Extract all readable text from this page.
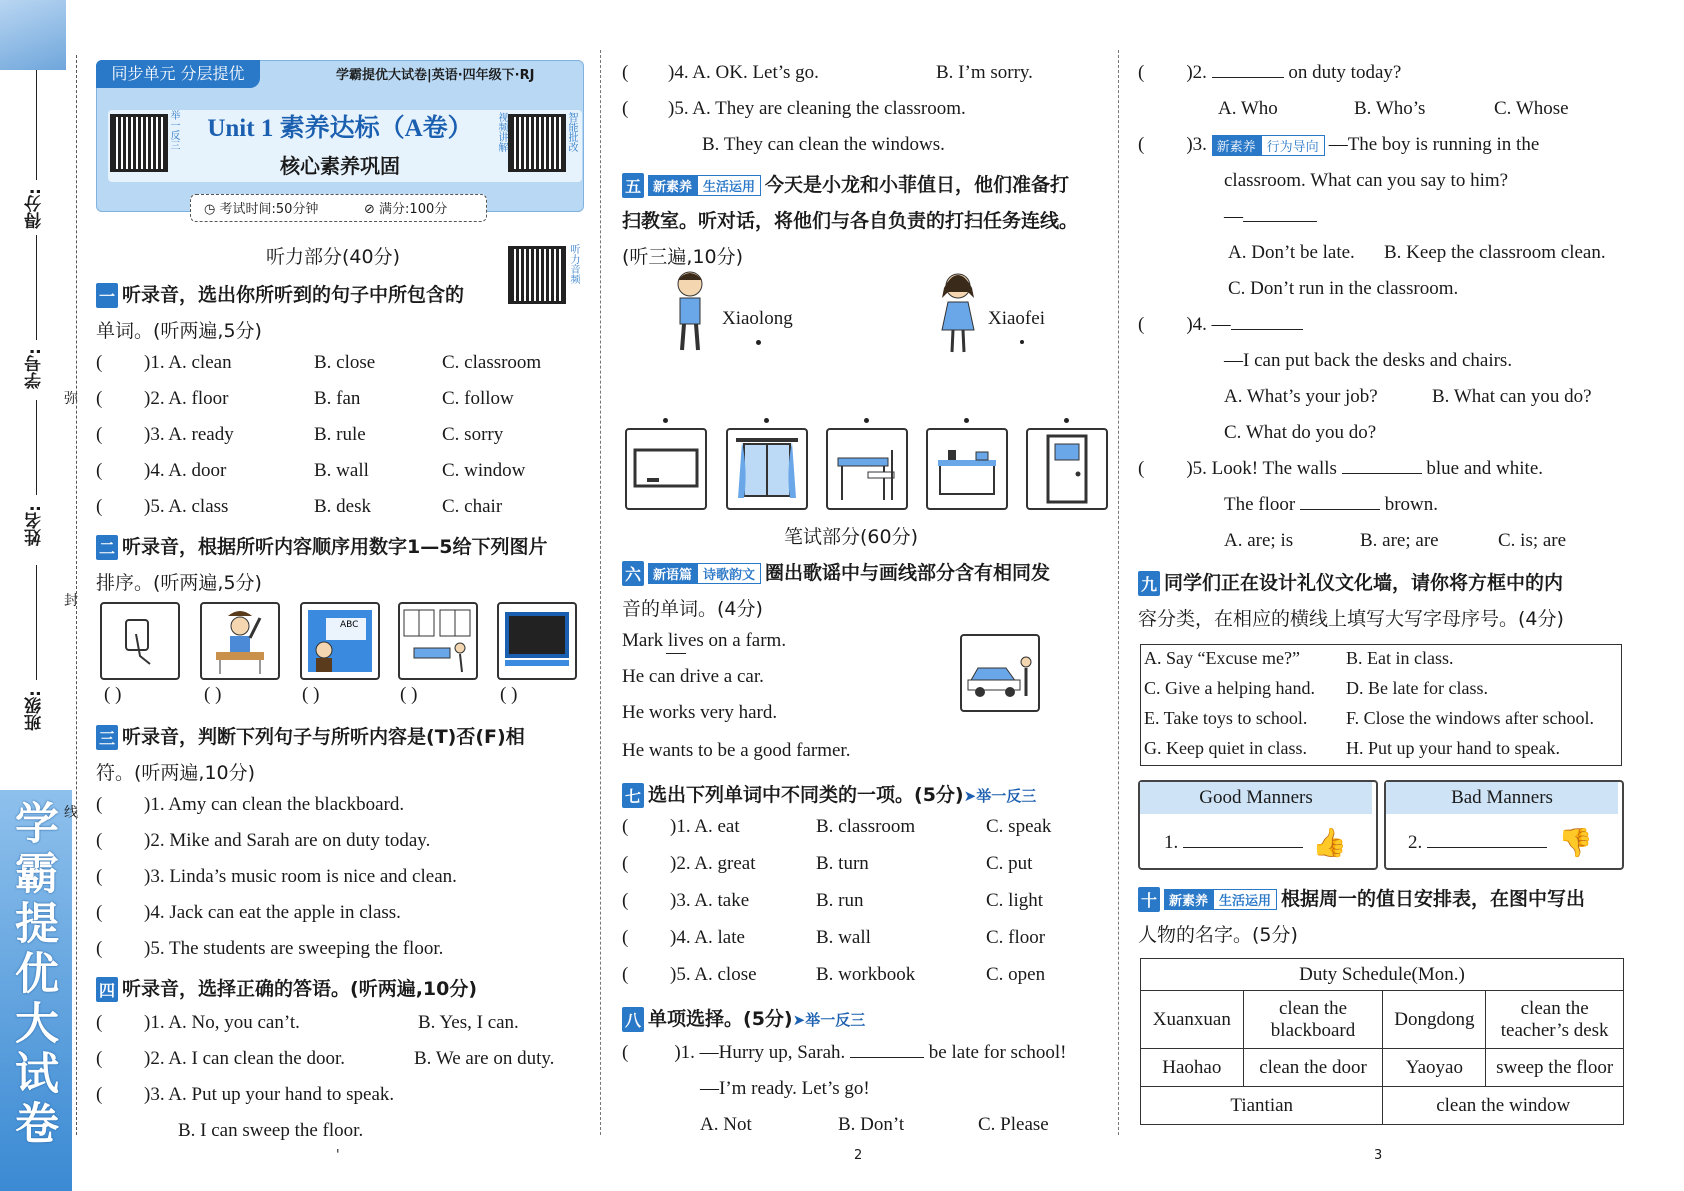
学霸提优大试卷
得分:
学号:
姓名:
班级:
弥
封
线
同步单元 分层提优	学霸提优大试卷|英语·四年级下·RJ
举一反三	智能批改
视频讲解
Unit 1 素养达标（A卷）
核心素养巩固
◷ 考试时间:50分钟	⊘ 满分:100分
听力部分(40分)	听力音频
一 听录音，选出你所听到的句子中所包含的
单词。(听两遍,5分)
( )1. A. clean	B. close	C. classroom
( )2. A. floor	B. fan	C. follow
( )3. A. ready	B. rule	C. sorry
( )4. A. door	B. wall	C. window
( )5. A. class	B. desk	C. chair
二 听录音，根据所听内容顺序用数字1—5给下列图片
排序。(听两遍,5分)
ABC
( )	( )	( )	( )	( )
三 听录音，判断下列句子与所听内容是(T)否(F)相
符。(听两遍,10分)
( )1. Amy can clean the blackboard.
( )2. Mike and Sarah are on duty today.
( )3. Linda’s music room is nice and clean.
( )4. Jack can eat the apple in class.
( )5. The students are sweeping the floor.
四 听录音，选择正确的答语。(听两遍,10分)
( )1. A. No, you can’t.	B. Yes, I can.
( )2. A. I can clean the door.	B. We are on duty.
( )3. A. Put up your hand to speak.
B. I can sweep the floor.
( )4. A. OK. Let’s go.	B. I’m sorry.
( )5. A. They are cleaning the classroom.
B. They can clean the windows.
五 新素养 生活运用 今天是小龙和小菲值日，他们准备打
扫教室。听对话，将他们与各自负责的打扫任务连线。
(听三遍,10分)
Xiaolong	Xiaofei
笔试部分(60分)
六 新语篇 诗歌韵文 圈出歌谣中与画线部分含有相同发
音的单词。(4分)
Mark lives on a farm.
He can drive a car.
He works very hard.
He wants to be a good farmer.
七 选出下列单词中不同类的一项。(5分)➤举一反三
( )1. A. eat	B. classroom	C. speak
( )2. A. great	B. turn	C. put
( )3. A. take	B. run	C. light
( )4. A. late	B. wall	C. floor
( )5. A. close	B. workbook	C. open
八 单项选择。(5分)➤举一反三
( )1. —Hurry up, Sarah.	be late for school!
—I’m ready. Let’s go!
A. Not	B. Don’t	C. Please
( )2.	on duty today?
A. Who	B. Who’s	C. Whose
( )3. 新素养 行为导向 —The boy is running in the
classroom. What can you say to him?
—
A. Don’t be late. B. Keep the classroom clean.
C. Don’t run in the classroom.
( )4. —
—I can put back the desks and chairs.
A. What’s your job?	B. What can you do?
C. What do you do?
( )5. Look! The walls	blue and white.
The floor	brown.
A. are; is	B. are; are	C. is; are
九 同学们正在设计礼仪文化墙，请你将方框中的内
容分类，在相应的横线上填写大写字母序号。(4分)
A. Say “Excuse me?”	B. Eat in class.
C. Give a helping hand. D. Be late for class.
E. Take toys to school. F. Close the windows after school.
G. Keep quiet in class. H. Put up your hand to speak.
Good Manners
1.	👍
Bad Manners
2.	👎
十 新素养 生活运用 根据周一的值日安排表，在图中写出
人物的名字。(5分)
Duty Schedule(Mon.)			
Xuanxuan	clean the blackboard	Dongdong	clean the teacher’s desk
Haohao	clean the door	Yaoyao	sweep the floor
Tiantian		clean the window	
'	2	3
